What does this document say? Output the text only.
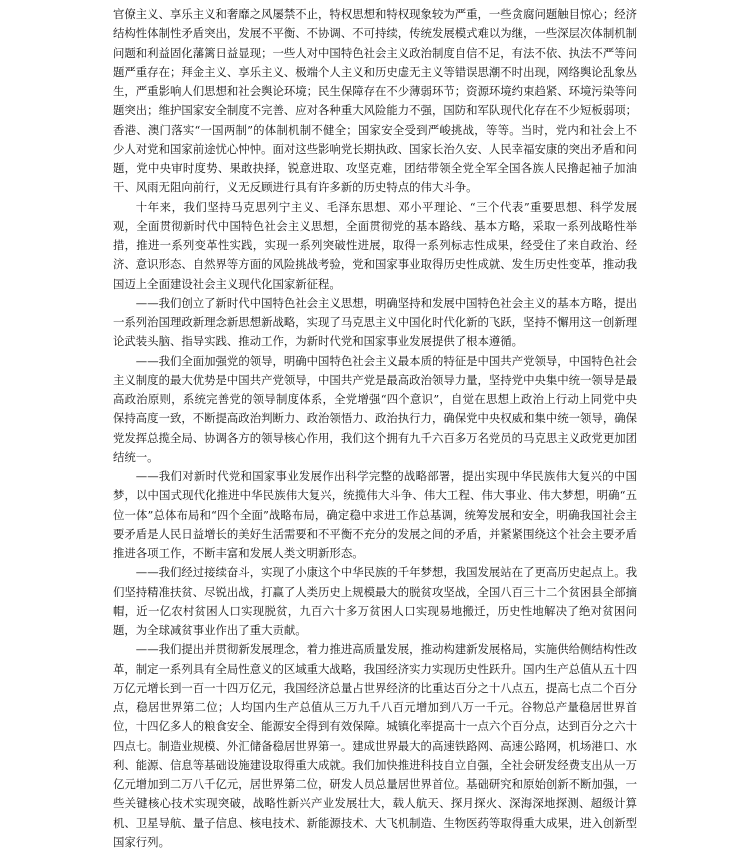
官僚主义、享乐主义和奢靡之风屡禁不止，特权思想和特权现象较为严重，一些贪腐问题触目惊心；经济结构性体制性矛盾突出，发展不平衡、不协调、不可持续，传统发展模式难以为继，一些深层次体制机制问题和利益固化藩篱日益显现；一些人对中国特色社会主义政治制度自信不足，有法不依、执法不严等问题严重存在；拜金主义、享乐主义、极端个人主义和历史虚无主义等错误思潮不时出现，网络舆论乱象丛生，严重影响人们思想和社会舆论环境；民生保障存在不少薄弱环节；资源环境约束趋紧、环境污染等问题突出；维护国家安全制度不完善、应对各种重大风险能力不强，国防和军队现代化存在不少短板弱项；香港、澳门落实“一国两制”的体制机制不健全；国家安全受到严峻挑战，等等。当时，党内和社会上不少人对党和国家前途忧心忡忡。面对这些影响党长期执政、国家长治久安、人民幸福安康的突出矛盾和问题，党中央审时度势、果敢抉择，锐意进取、攻坚克难，团结带领全党全军全国各族人民撸起袖子加油干、风雨无阻向前行，义无反顾进行具有许多新的历史特点的伟大斗争。

十年来，我们坚持马克思列宁主义、毛泽东思想、邓小平理论、“三个代表”重要思想、科学发展观，全面贯彻新时代中国特色社会主义思想，全面贯彻党的基本路线、基本方略，采取一系列战略性举措，推进一系列变革性实践，实现一系列突破性进展，取得一系列标志性成果，经受住了来自政治、经济、意识形态、自然界等方面的风险挑战考验，党和国家事业取得历史性成就、发生历史性变革，推动我国迈上全面建设社会主义现代化国家新征程。

——我们创立了新时代中国特色社会主义思想，明确坚持和发展中国特色社会主义的基本方略，提出一系列治国理政新理念新思想新战略，实现了马克思主义中国化时代化新的飞跃，坚持不懈用这一创新理论武装头脑、指导实践、推动工作，为新时代党和国家事业发展提供了根本遵循。

——我们全面加强党的领导，明确中国特色社会主义最本质的特征是中国共产党领导，中国特色社会主义制度的最大优势是中国共产党领导，中国共产党是最高政治领导力量，坚持党中央集中统一领导是最高政治原则，系统完善党的领导制度体系，全党增强“四个意识”，自觉在思想上政治上行动上同党中央保持高度一致，不断提高政治判断力、政治领悟力、政治执行力，确保党中央权威和集中统一领导，确保党发挥总揽全局、协调各方的领导核心作用，我们这个拥有九千六百多万名党员的马克思主义政党更加团结统一。

——我们对新时代党和国家事业发展作出科学完整的战略部署，提出实现中华民族伟大复兴的中国梦，以中国式现代化推进中华民族伟大复兴，统揽伟大斗争、伟大工程、伟大事业、伟大梦想，明确“五位一体”总体布局和“四个全面”战略布局，确定稳中求进工作总基调，统筹发展和安全，明确我国社会主要矛盾是人民日益增长的美好生活需要和不平衡不充分的发展之间的矛盾，并紧紧围绕这个社会主要矛盾推进各项工作，不断丰富和发展人类文明新形态。

——我们经过接续奋斗，实现了小康这个中华民族的千年梦想，我国发展站在了更高历史起点上。我们坚持精准扶贫、尽锐出战，打赢了人类历史上规模最大的脱贫攻坚战，全国八百三十二个贫困县全部摘帽，近一亿农村贫困人口实现脱贫，九百六十多万贫困人口实现易地搬迁，历史性地解决了绝对贫困问题，为全球减贫事业作出了重大贡献。

——我们提出并贯彻新发展理念，着力推进高质量发展，推动构建新发展格局，实施供给侧结构性改革，制定一系列具有全局性意义的区域重大战略，我国经济实力实现历史性跃升。国内生产总值从五十四万亿元增长到一百一十四万亿元，我国经济总量占世界经济的比重达百分之十八点五，提高七点二个百分点，稳居世界第二位；人均国内生产总值从三万九千八百元增加到八万一千元。谷物总产量稳居世界首位，十四亿多人的粮食安全、能源安全得到有效保障。城镇化率提高十一点六个百分点，达到百分之六十四点七。制造业规模、外汇储备稳居世界第一。建成世界最大的高速铁路网、高速公路网，机场港口、水利、能源、信息等基础设施建设取得重大成就。我们加快推进科技自立自强，全社会研发经费支出从一万亿元增加到二万八千亿元，居世界第二位，研发人员总量居世界首位。基础研究和原始创新不断加强，一些关键核心技术实现突破，战略性新兴产业发展壮大，载人航天、探月探火、深海深地探测、超级计算机、卫星导航、量子信息、核电技术、新能源技术、大飞机制造、生物医药等取得重大成果，进入创新型国家行列。
